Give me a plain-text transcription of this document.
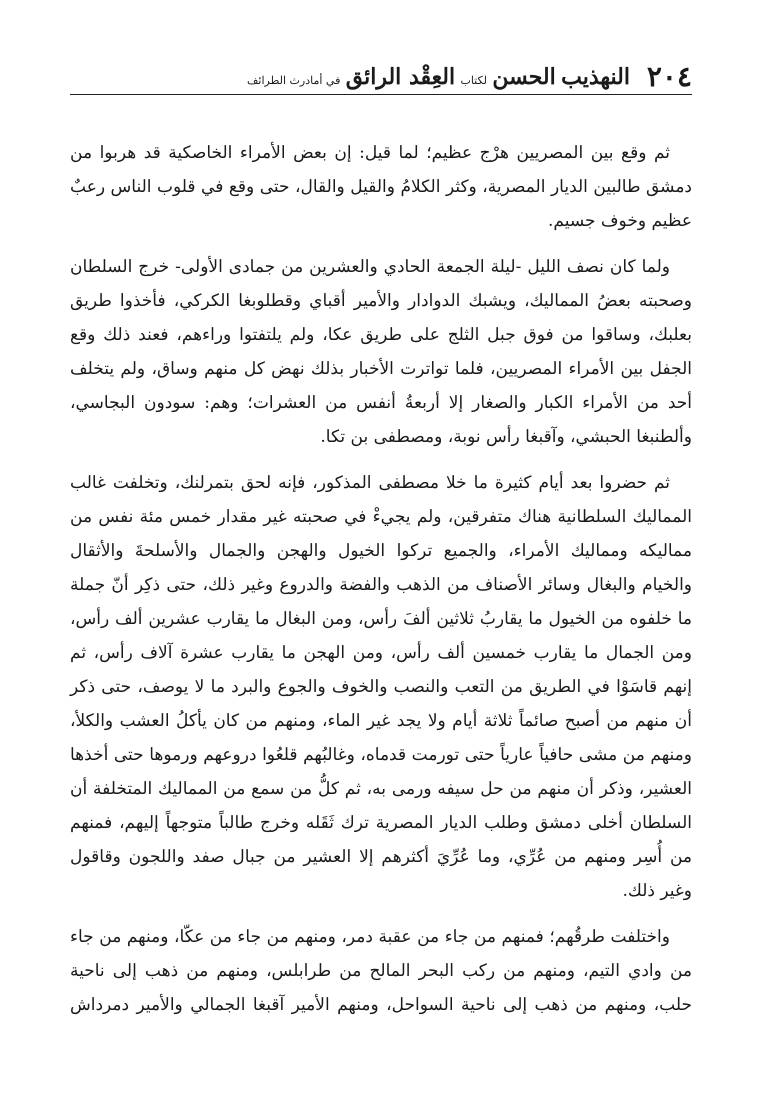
٢٠٤
النهذيب الحسن لكتاب العِقْد الرائق في أمادرث الطرائف

ثم وقع بين المصريين هرْج عظيم؛ لما قيل: إن بعض الأمراء الخاصكية قد هربوا من دمشق طالبين الديار المصرية، وكثر الكلامُ والقيل والقال، حتى وقع في قلوب الناس رعبٌ عظيم وخوف جسيم.

ولما كان نصف الليل -ليلة الجمعة الحادي والعشرين من جمادى الأولى- خرج السلطان وصحبته بعضُ المماليك، ويشبك الدوادار والأمير أقباي وقطلوبغا الكركي، فأخذوا طريق بعلبك، وساقوا من فوق جبل الثلج على طريق عكا، ولم يلتفتوا وراءهم، فعند ذلك وقع الجفل بين الأمراء المصريين، فلما تواترت الأخبار بذلك نهض كل منهم وساق، ولم يتخلف أحد من الأمراء الكبار والصغار إلا أربعةُ أنفس من العشرات؛ وهم: سودون البجاسي، وألطنبغا الحبشي، وآقبغا رأس نوبة، ومصطفى بن تكا.

ثم حضروا بعد أيام كثيرة ما خلا مصطفى المذكور، فإنه لحق بتمرلنك، وتخلفت غالب المماليك السلطانية هناك متفرقين، ولم يجيءْ في صحبته غير مقدار خمس مئة نفس من مماليكه ومماليك الأمراء، والجميع تركوا الخيول والهجن والجمال والأسلحةَ والأثقال والخيام والبغال وسائر الأصناف من الذهب والفضة والدروع وغير ذلك، حتى ذكِر أنّ جملة ما خلفوه من الخيول ما يقاربُ ثلاثين ألفَ رأس، ومن البغال ما يقارب عشرين ألف رأس، ومن الجمال ما يقارب خمسين ألف رأس، ومن الهجن ما يقارب عشرة آلاف رأس، ثم إنهم قاسَوْا في الطريق من التعب والنصب والخوف والجوع والبرد ما لا يوصف، حتى ذكر أن منهم من أصبح صائماً ثلاثة أيام ولا يجد غير الماء، ومنهم من كان يأكلُ العشب والكلأ، ومنهم من مشى حافياً عارياً حتى تورمت قدماه، وغالبُهم قلعُوا دروعهم ورموها حتى أخذها العشير، وذكر أن منهم من حل سيفه ورمى به، ثم كلُّ من سمع من المماليك المتخلفة أن السلطان أخلى دمشق وطلب الديار المصرية ترك ثَقَله وخرج طالباً متوجهاً إليهم، فمنهم من أُسِر ومنهم من عُرِّي، وما عُرِّيَ أكثرهم إلا العشير من جبال صفد واللجون وقاقول وغير ذلك.

واختلفت طرقُهم؛ فمنهم من جاء من عقبة دمر، ومنهم من جاء من عكّا، ومنهم من جاء من وادي التيم، ومنهم من ركب البحر المالح من طرابلس، ومنهم من ذهب إلى ناحية حلب، ومنهم من ذهب إلى ناحية السواحل، ومنهم الأمير آقبغا الجمالي والأمير دمرداش
